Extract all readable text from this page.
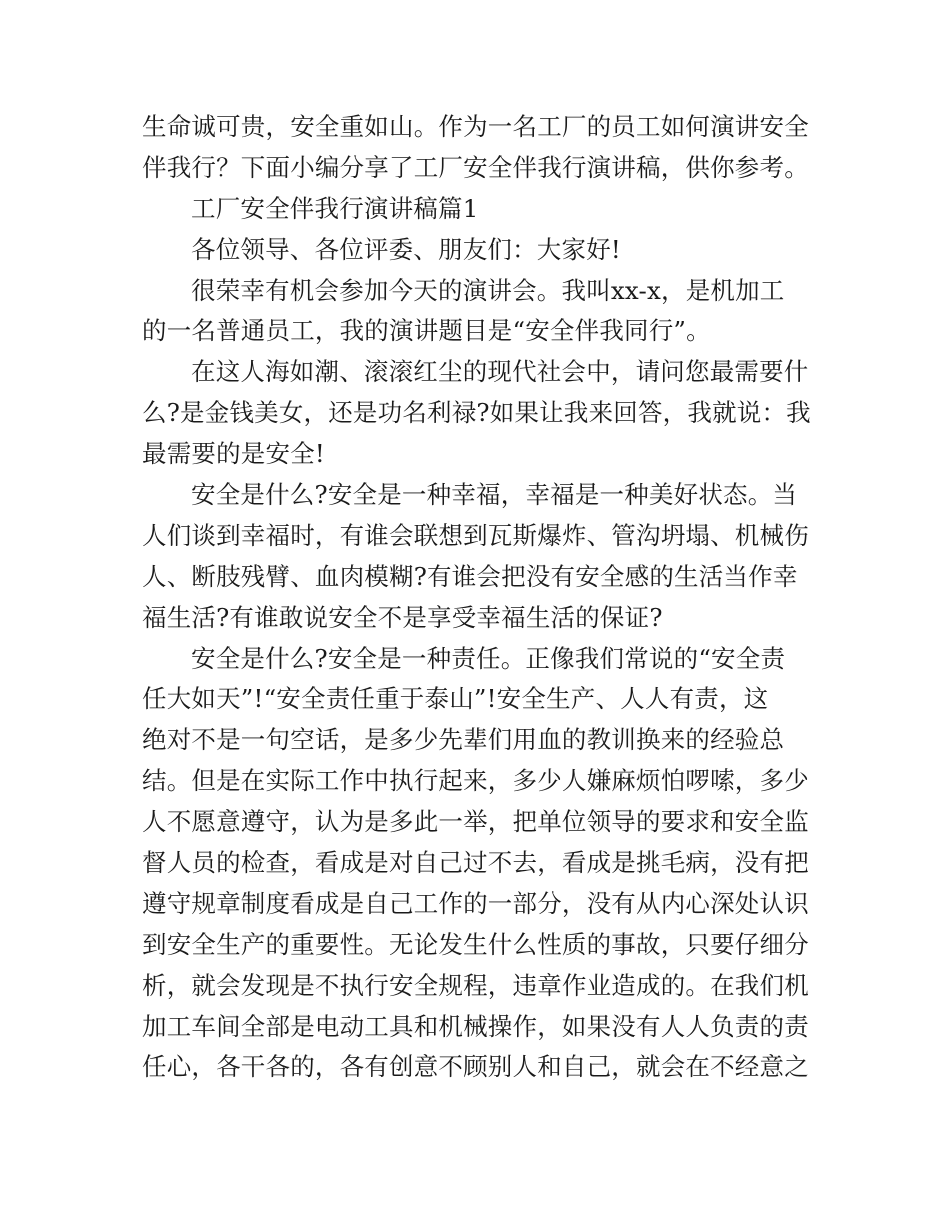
生命诚可贵，安全重如山。作为一名工厂的员工如何演讲安全
伴我行？下面小编分享了工厂安全伴我行演讲稿，供你参考。
工厂安全伴我行演讲稿篇1
各位领导、各位评委、朋友们：大家好!
很荣幸有机会参加今天的演讲会。我叫xx-x，是机加工
的一名普通员工，我的演讲题目是“安全伴我同行”。
在这人海如潮、滚滚红尘的现代社会中，请问您最需要什
么?是金钱美女，还是功名利禄?如果让我来回答，我就说：我
最需要的是安全!
安全是什么?安全是一种幸福，幸福是一种美好状态。当
人们谈到幸福时，有谁会联想到瓦斯爆炸、管沟坍塌、机械伤
人、断肢残臂、血肉模糊?有谁会把没有安全感的生活当作幸
福生活?有谁敢说安全不是享受幸福生活的保证?
安全是什么?安全是一种责任。正像我们常说的“安全责
任大如天”!“安全责任重于泰山”!安全生产、人人有责，这
绝对不是一句空话，是多少先辈们用血的教训换来的经验总
结。但是在实际工作中执行起来，多少人嫌麻烦怕啰嗦，多少
人不愿意遵守，认为是多此一举，把单位领导的要求和安全监
督人员的检查，看成是对自己过不去，看成是挑毛病，没有把
遵守规章制度看成是自己工作的一部分，没有从内心深处认识
到安全生产的重要性。无论发生什么性质的事故，只要仔细分
析，就会发现是不执行安全规程，违章作业造成的。在我们机
加工车间全部是电动工具和机械操作，如果没有人人负责的责
任心，各干各的，各有创意不顾别人和自己，就会在不经意之
